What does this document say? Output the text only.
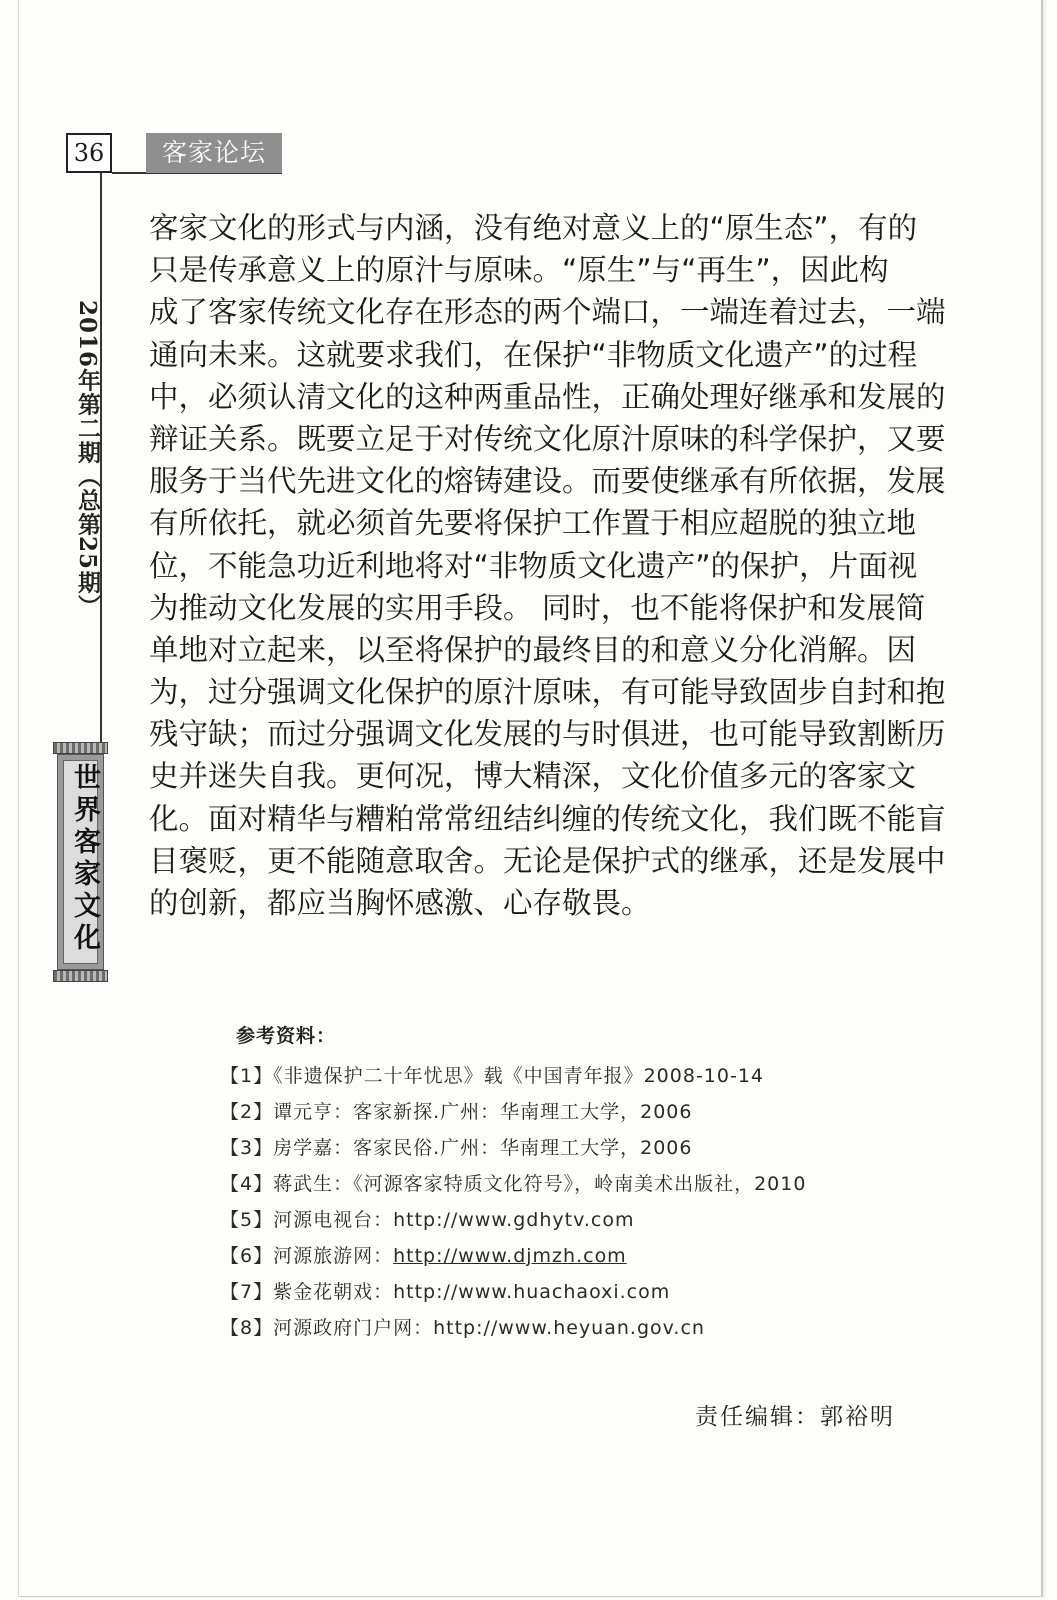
36	客家论坛
2016年第二期（总第25期）
世界客家文化
客家文化的形式与内涵，没有绝对意义上的“原生态”，有的
只是传承意义上的原汁与原味。“原生”与“再生”，因此构
成了客家传统文化存在形态的两个端口，一端连着过去，一端
通向未来。这就要求我们，在保护“非物质文化遗产”的过程
中，必须认清文化的这种两重品性，正确处理好继承和发展的
辩证关系。既要立足于对传统文化原汁原味的科学保护，又要
服务于当代先进文化的熔铸建设。而要使继承有所依据，发展
有所依托，就必须首先要将保护工作置于相应超脱的独立地
位，不能急功近利地将对“非物质文化遗产”的保护，片面视
为推动文化发展的实用手段。 同时，也不能将保护和发展简
单地对立起来，以至将保护的最终目的和意义分化消解。因
为，过分强调文化保护的原汁原味，有可能导致固步自封和抱
残守缺；而过分强调文化发展的与时俱进，也可能导致割断历
史并迷失自我。更何况，博大精深，文化价值多元的客家文
化。面对精华与糟粕常常纽结纠缠的传统文化，我们既不能盲
目褒贬，更不能随意取舍。无论是保护式的继承，还是发展中
的创新，都应当胸怀感激、心存敬畏。
参考资料：
【1】《非遗保护二十年忧思》载《中国青年报》2008-10-14
【2】谭元亨：客家新探.广州：华南理工大学，2006
【3】房学嘉：客家民俗.广州：华南理工大学，2006
【4】蒋武生：《河源客家特质文化符号》，岭南美术出版社，2010
【5】河源电视台：http://www.gdhytv.com
【6】河源旅游网：http://www.djmzh.com
【7】紫金花朝戏：http://www.huachaoxi.com
【8】河源政府门户网：http://www.heyuan.gov.cn
责任编辑：郭裕明
